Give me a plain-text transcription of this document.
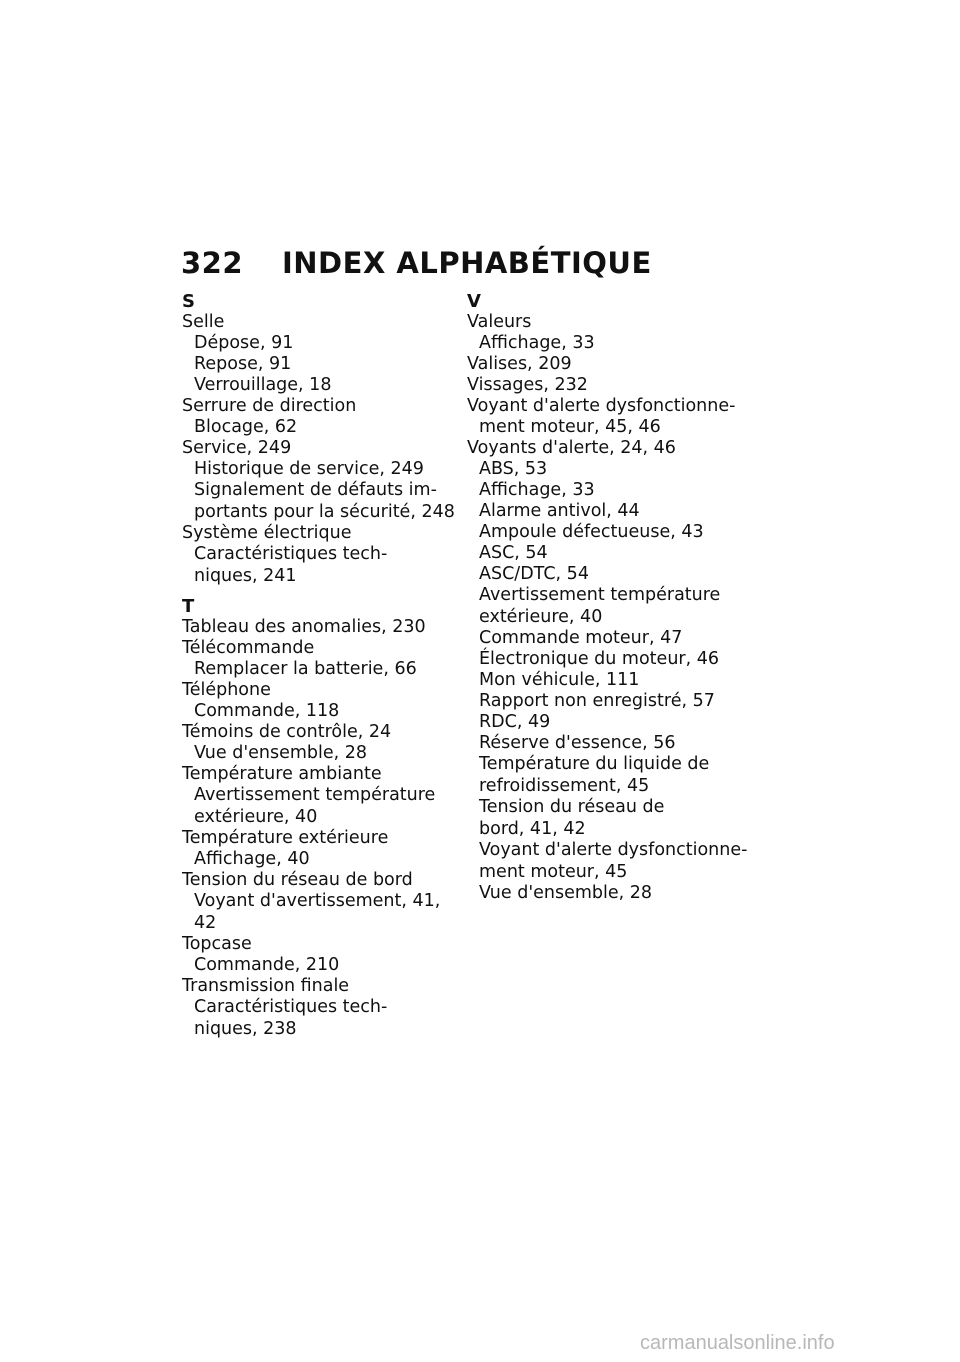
322 INDEX ALPHABÉTIQUE
S
Selle
Dépose, 91
Repose, 91
Verrouillage, 18
Serrure de direction
Blocage, 62
Service, 249
Historique de service, 249
Signalement de défauts im-
portants pour la sécurité, 248
Système électrique
Caractéristiques tech-
niques, 241
T
Tableau des anomalies, 230
Télécommande
Remplacer la batterie, 66
Téléphone
Commande, 118
Témoins de contrôle, 24
Vue d'ensemble, 28
Température ambiante
Avertissement température
extérieure, 40
Température extérieure
Affichage, 40
Tension du réseau de bord
Voyant d'avertissement, 41,
42
Topcase
Commande, 210
Transmission finale
Caractéristiques tech-
niques, 238
V
Valeurs
Affichage, 33
Valises, 209
Vissages, 232
Voyant d'alerte dysfonctionne-
ment moteur, 45, 46
Voyants d'alerte, 24, 46
ABS, 53
Affichage, 33
Alarme antivol, 44
Ampoule défectueuse, 43
ASC, 54
ASC/DTC, 54
Avertissement température
extérieure, 40
Commande moteur, 47
Électronique du moteur, 46
Mon véhicule, 111
Rapport non enregistré, 57
RDC, 49
Réserve d'essence, 56
Température du liquide de
refroidissement, 45
Tension du réseau de
bord, 41, 42
Voyant d'alerte dysfonctionne-
ment moteur, 45
Vue d'ensemble, 28
carmanualsonline.info
